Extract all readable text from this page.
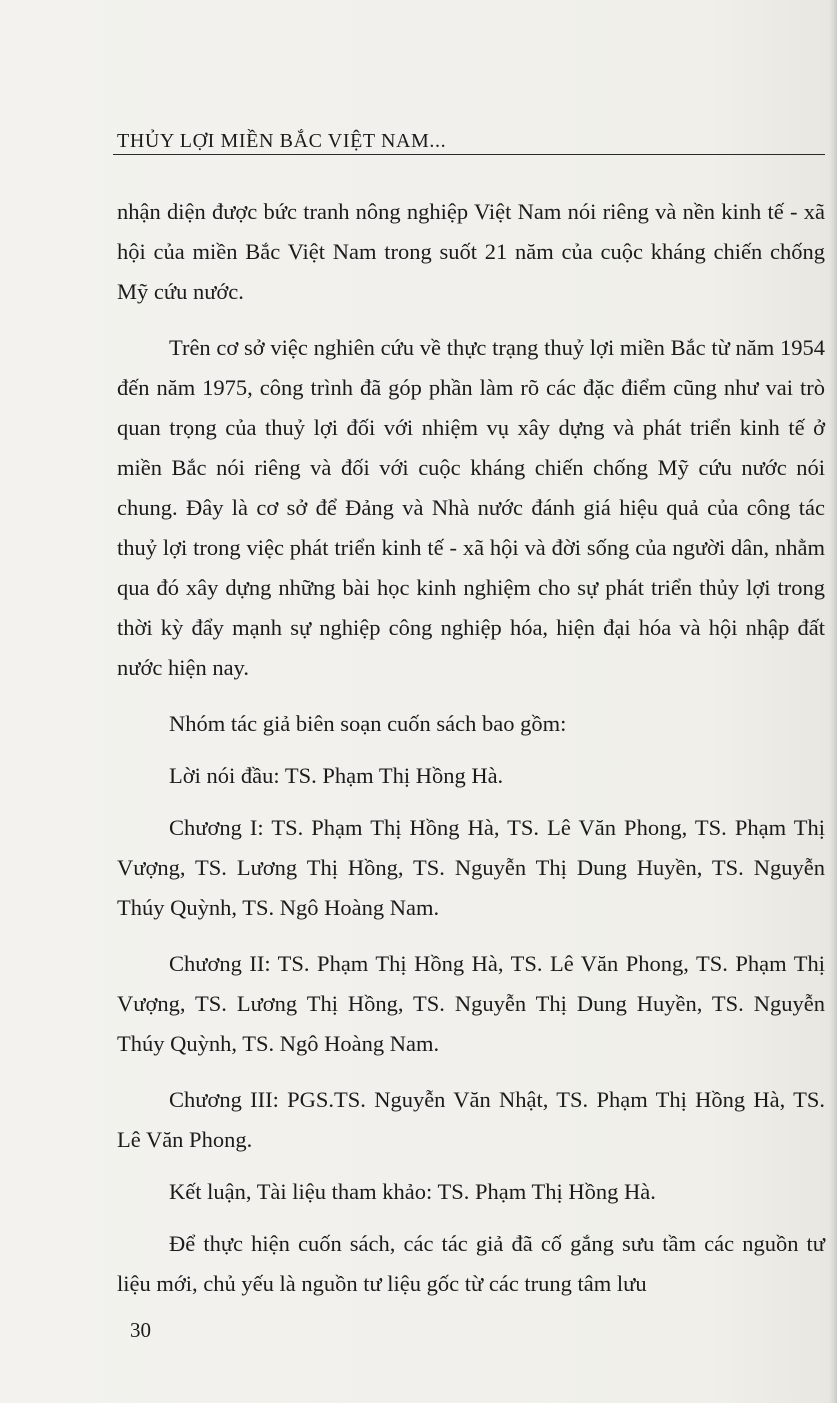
THỦY LỢI MIỀN BẮC VIỆT NAM...

nhận diện được bức tranh nông nghiệp Việt Nam nói riêng và nền kinh tế - xã hội của miền Bắc Việt Nam trong suốt 21 năm của cuộc kháng chiến chống Mỹ cứu nước.

Trên cơ sở việc nghiên cứu về thực trạng thuỷ lợi miền Bắc từ năm 1954 đến năm 1975, công trình đã góp phần làm rõ các đặc điểm cũng như vai trò quan trọng của thuỷ lợi đối với nhiệm vụ xây dựng và phát triển kinh tế ở miền Bắc nói riêng và đối với cuộc kháng chiến chống Mỹ cứu nước nói chung. Đây là cơ sở để Đảng và Nhà nước đánh giá hiệu quả của công tác thuỷ lợi trong việc phát triển kinh tế - xã hội và đời sống của người dân, nhằm qua đó xây dựng những bài học kinh nghiệm cho sự phát triển thủy lợi trong thời kỳ đẩy mạnh sự nghiệp công nghiệp hóa, hiện đại hóa và hội nhập đất nước hiện nay.

Nhóm tác giả biên soạn cuốn sách bao gồm:

Lời nói đầu: TS. Phạm Thị Hồng Hà.

Chương I: TS. Phạm Thị Hồng Hà, TS. Lê Văn Phong, TS. Phạm Thị Vượng, TS. Lương Thị Hồng, TS. Nguyễn Thị Dung Huyền, TS. Nguyễn Thúy Quỳnh, TS. Ngô Hoàng Nam.

Chương II: TS. Phạm Thị Hồng Hà, TS. Lê Văn Phong, TS. Phạm Thị Vượng, TS. Lương Thị Hồng, TS. Nguyễn Thị Dung Huyền, TS. Nguyễn Thúy Quỳnh, TS. Ngô Hoàng Nam.

Chương III: PGS.TS. Nguyễn Văn Nhật, TS. Phạm Thị Hồng Hà, TS. Lê Văn Phong.

Kết luận, Tài liệu tham khảo: TS. Phạm Thị Hồng Hà.

Để thực hiện cuốn sách, các tác giả đã cố gắng sưu tầm các nguồn tư liệu mới, chủ yếu là nguồn tư liệu gốc từ các trung tâm lưu

30
